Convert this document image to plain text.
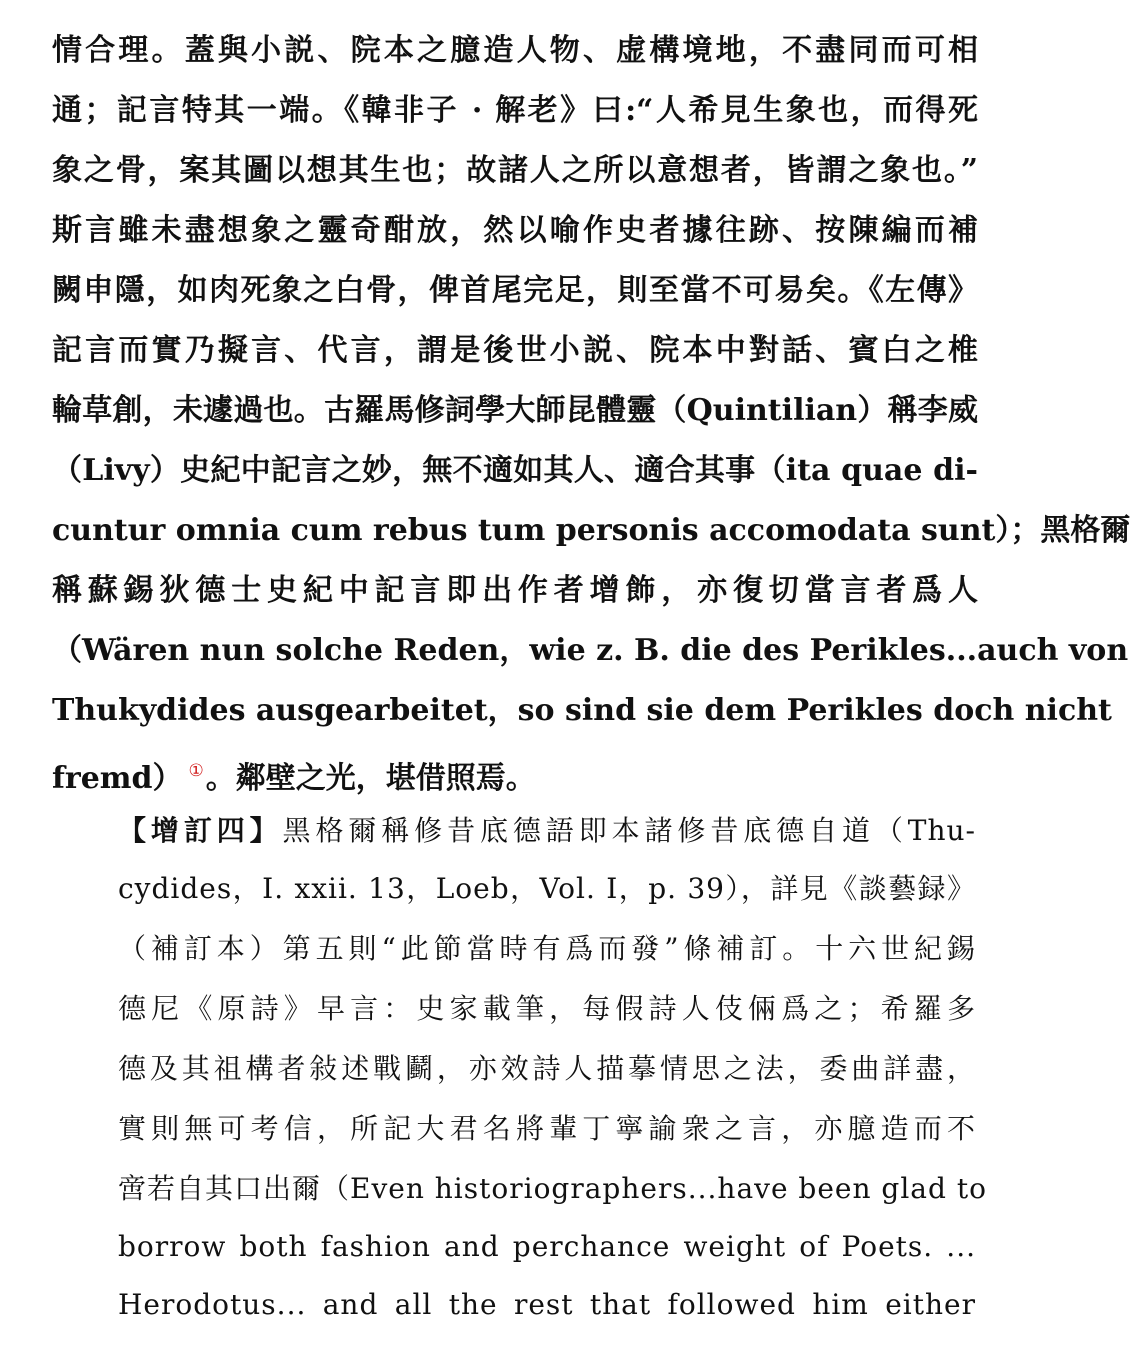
情合理。蓋與小説、院本之臆造人物、虚構境地，不盡同而可相
通；記言特其一端。《韓非子 · 解老》曰:“人希見生象也，而得死
象之骨，案其圖以想其生也；故諸人之所以意想者，皆謂之象也。”
斯言雖未盡想象之靈奇酣放，然以喻作史者據往跡、按陳編而補
闕申隱，如肉死象之白骨，俾首尾完足，則至當不可易矣。《左傳》
記言而實乃擬言、代言，謂是後世小説、院本中對話、賓白之椎
輪草創，未遽過也。古羅馬修詞學大師昆體靈（Quintilian）稱李威
（Livy）史紀中記言之妙，無不適如其人、適合其事（ita quae di-
cuntur omnia cum rebus tum personis accomodata sunt）；黑格爾
稱蘇錫狄德士史紀中記言即出作者增飾，亦復切當言者爲人
（Wären nun solche Reden，wie z. B. die des Perikles...auch von
Thukydides ausgearbeitet，so sind sie dem Perikles doch nicht
fremd） ①。鄰壁之光，堪借照焉。
【增訂四】黑格爾稱修昔底德語即本諸修昔底德自道（Thu-
cydides，I. xxii. 13，Loeb，Vol. I，p. 39），詳見《談藝録》
（補訂本）第五則“此節當時有爲而發”條補訂。十六世紀錫
德尼《原詩》早言：史家載筆，每假詩人伎倆爲之；希羅多
德及其祖構者敍述戰鬬，亦效詩人描摹情思之法，委曲詳盡，
實則無可考信，所記大君名將輩丁寧諭衆之言，亦臆造而不
啻若自其口出爾（Even historiographers...have been glad to
borrow both fashion and perchance weight of Poets. ...
Herodotus... and all the rest that followed him either
